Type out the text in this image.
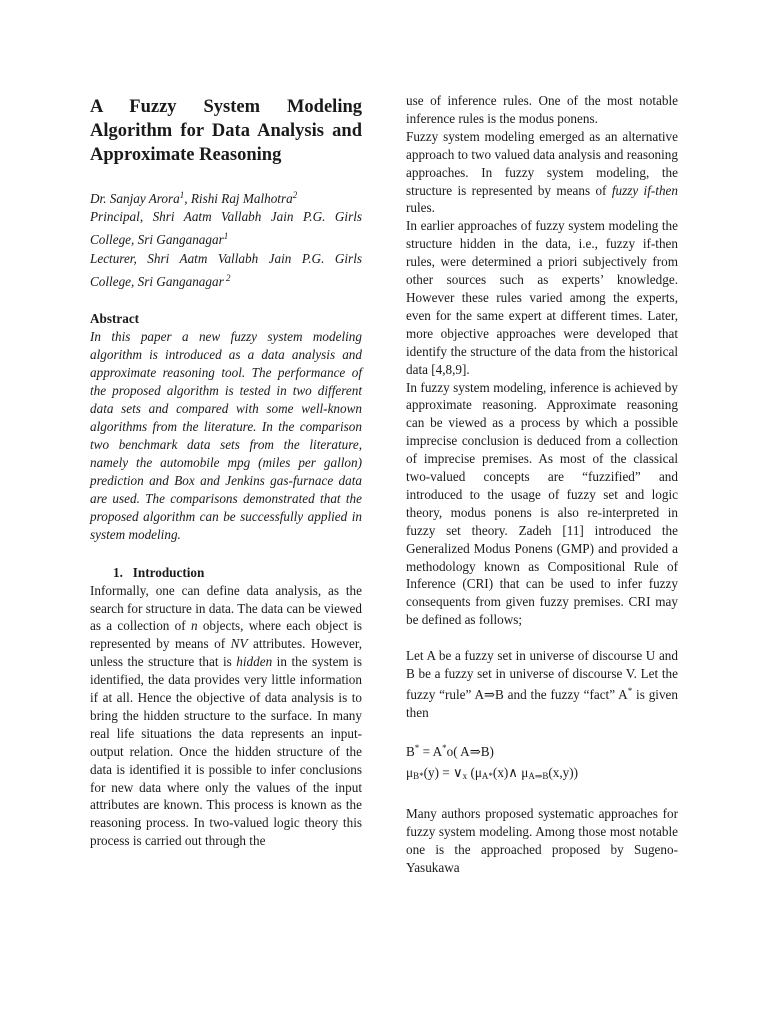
A Fuzzy System Modeling Algorithm for Data Analysis and Approximate Reasoning

Dr. Sanjay Arora$^1$, Rishi Raj Malhotra$^2$
Principal, Shri Aatm Vallabh Jain P.G. Girls College, Sri Ganganagar$^1$
Lecturer, Shri Aatm Vallabh Jain P.G. Girls College, Sri Ganganagar $^2$

Abstract

In this paper a new fuzzy system modeling algorithm is introduced as a data analysis and approximate reasoning tool. The performance of the proposed algorithm is tested in two different data sets and compared with some well-known algorithms from the literature. In the comparison two benchmark data sets from the literature, namely the automobile mpg (miles per gallon) prediction and Box and Jenkins gas-furnace data are used. The comparisons demonstrated that the proposed algorithm can be successfully applied in system modeling.

1.   Introduction

Informally, one can define data analysis, as the search for structure in data. The data can be viewed as a collection of n objects, where each object is represented by means of NV attributes. However, unless the structure that is hidden in the system is identified, the data provides very little information if at all. Hence the objective of data analysis is to bring the hidden structure to the surface. In many real life situations the data represents an input-output relation. Once the hidden structure of the data is identified it is possible to infer conclusions for new data where only the values of the input attributes are known. This process is known as the reasoning process. In two-valued logic theory this process is carried out through the

use of inference rules. One of the most notable inference rules is the modus ponens.

Fuzzy system modeling emerged as an alternative approach to two valued data analysis and reasoning approaches. In fuzzy system modeling, the structure is represented by means of fuzzy if-then rules.

In earlier approaches of fuzzy system modeling the structure hidden in the data, i.e., fuzzy if-then rules, were determined a priori subjectively from other sources such as experts’ knowledge. However these rules varied among the experts, even for the same expert at different times. Later, more objective approaches were developed that identify the structure of the data from the historical data [4,8,9].

In fuzzy system modeling, inference is achieved by approximate reasoning. Approximate reasoning can be viewed as a process by which a possible imprecise conclusion is deduced from a collection of imprecise premises. As most of the classical two-valued concepts are “fuzzified” and introduced to the usage of fuzzy set and logic theory, modus ponens is also re-interpreted in fuzzy set theory. Zadeh [11] introduced the Generalized Modus Ponens (GMP) and provided a methodology known as Compositional Rule of Inference (CRI) that can be used to infer fuzzy consequents from given fuzzy premises. CRI may be defined as follows;

Let A be a fuzzy set in universe of discourse U and B be a fuzzy set in universe of discourse V. Let the fuzzy “rule” A⇒B and the fuzzy “fact” A* is given then

B* = A*o( A⇒B)
$\mu_{B*}(y)$ = $\vee_x$ ($\mu_{A*}(x)\wedge$ $\mu_{A\Rightarrow B}(x,y)$)

Many authors proposed systematic approaches for fuzzy system modeling. Among those most notable one is the approached proposed by Sugeno-Yasukawa
